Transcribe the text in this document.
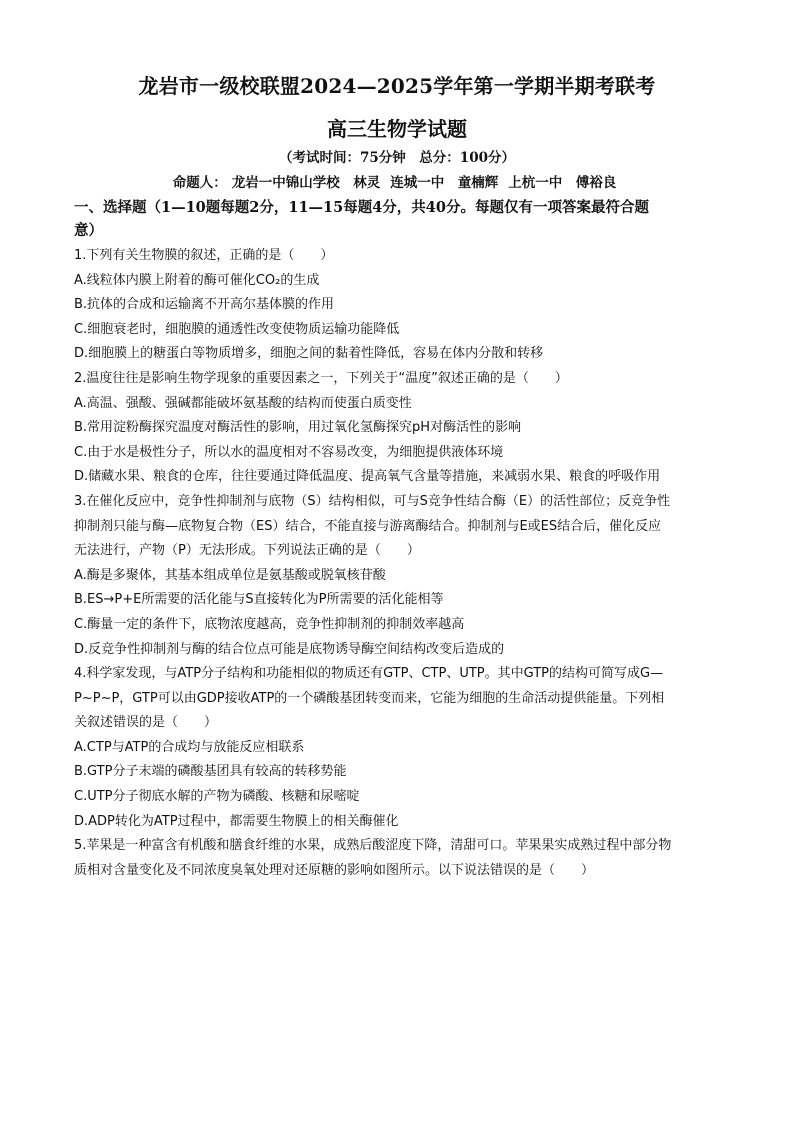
龙岩市一级校联盟2024—2025学年第一学期半期考联考
高三生物学试题
（考试时间：75分钟　总分：100分）
命题人： 龙岩一中锦山学校　林灵 连城一中　童楠辉 上杭一中　傅裕良
一、选择题（1—10题每题2分，11—15每题4分，共40分。每题仅有一项答案最符合题
意）
1.下列有关生物膜的叙述，正确的是（　　）
A.线粒体内膜上附着的酶可催化CO₂的生成
B.抗体的合成和运输离不开高尔基体膜的作用
C.细胞衰老时，细胞膜的通透性改变使物质运输功能降低
D.细胞膜上的糖蛋白等物质增多，细胞之间的黏着性降低，容易在体内分散和转移
2.温度往往是影响生物学现象的重要因素之一，下列关于“温度”叙述正确的是（　　）
A.高温、强酸、强碱都能破坏氨基酸的结构而使蛋白质变性
B.常用淀粉酶探究温度对酶活性的影响，用过氧化氢酶探究pH对酶活性的影响
C.由于水是极性分子，所以水的温度相对不容易改变，为细胞提供液体环境
D.储藏水果、粮食的仓库，往往要通过降低温度、提高氧气含量等措施，来减弱水果、粮食的呼吸作用
3.在催化反应中，竞争性抑制剂与底物（S）结构相似，可与S竞争性结合酶（E）的活性部位；反竞争性
抑制剂只能与酶—底物复合物（ES）结合，不能直接与游离酶结合。抑制剂与E或ES结合后，催化反应
无法进行，产物（P）无法形成。下列说法正确的是（　　）
A.酶是多聚体，其基本组成单位是氨基酸或脱氧核苷酸
B.ES→P+E所需要的活化能与S直接转化为P所需要的活化能相等
C.酶量一定的条件下，底物浓度越高，竞争性抑制剂的抑制效率越高
D.反竞争性抑制剂与酶的结合位点可能是底物诱导酶空间结构改变后造成的
4.科学家发现，与ATP分子结构和功能相似的物质还有GTP、CTP、UTP。其中GTP的结构可简写成G—
P~P~P，GTP可以由GDP接收ATP的一个磷酸基团转变而来，它能为细胞的生命活动提供能量。下列相
关叙述错误的是（　　）
A.CTP与ATP的合成均与放能反应相联系
B.GTP分子末端的磷酸基团具有较高的转移势能
C.UTP分子彻底水解的产物为磷酸、核糖和尿嘧啶
D.ADP转化为ATP过程中，都需要生物膜上的相关酶催化
5.苹果是一种富含有机酸和膳食纤维的水果，成熟后酸涩度下降，清甜可口。苹果果实成熟过程中部分物
质相对含量变化及不同浓度臭氧处理对还原糖的影响如图所示。以下说法错误的是（　　）
